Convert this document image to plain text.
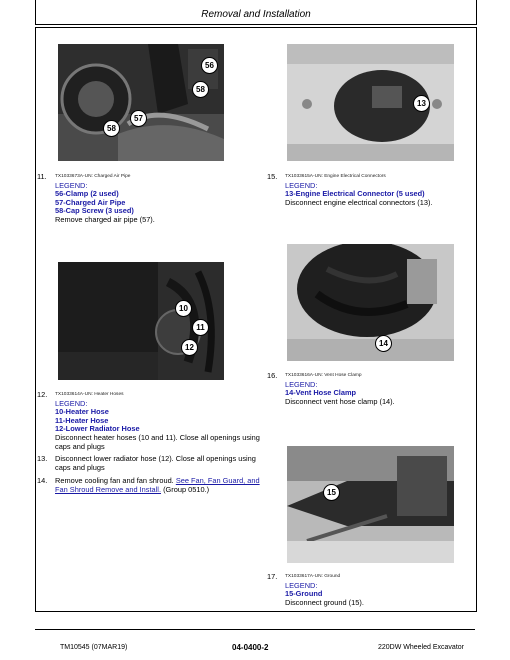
Removal and Installation
56
58
57
58
13
11. TX1033673A-UN: Charged Air Pipe
LEGEND:
56-Clamp (2 used)
57-Charged Air Pipe
58-Cap Screw (3 used)
Remove charged air pipe (57).
15. TX1033615A-UN: Engine Electrical Connectors
LEGEND:
13-Engine Electrical Connector (5 used)
Disconnect engine electrical connectors (13).
10
11
12	14
16. TX1033616A-UN: Vent Hose Clamp
LEGEND:
14-Vent Hose Clamp
Disconnect vent hose clamp (14).
12. TX1033614A-UN: Heater Hoses
LEGEND:
10-Heater Hose
11-Heater Hose
12-Lower Radiator Hose
Disconnect heater hoses (10 and 11). Close all openings using caps and plugs
13. Disconnect lower radiator hose (12). Close all openings using caps and plugs
14. Remove cooling fan and fan shroud. See Fan, Fan Guard, and Fan Shroud Remove and Install. (Group 0510.)	15
17. TX1033617A-UN: Ground
LEGEND:
15-Ground
Disconnect ground (15).
TM10545 (07MAR19)	04-0400-2	220DW Wheeled Excavator
